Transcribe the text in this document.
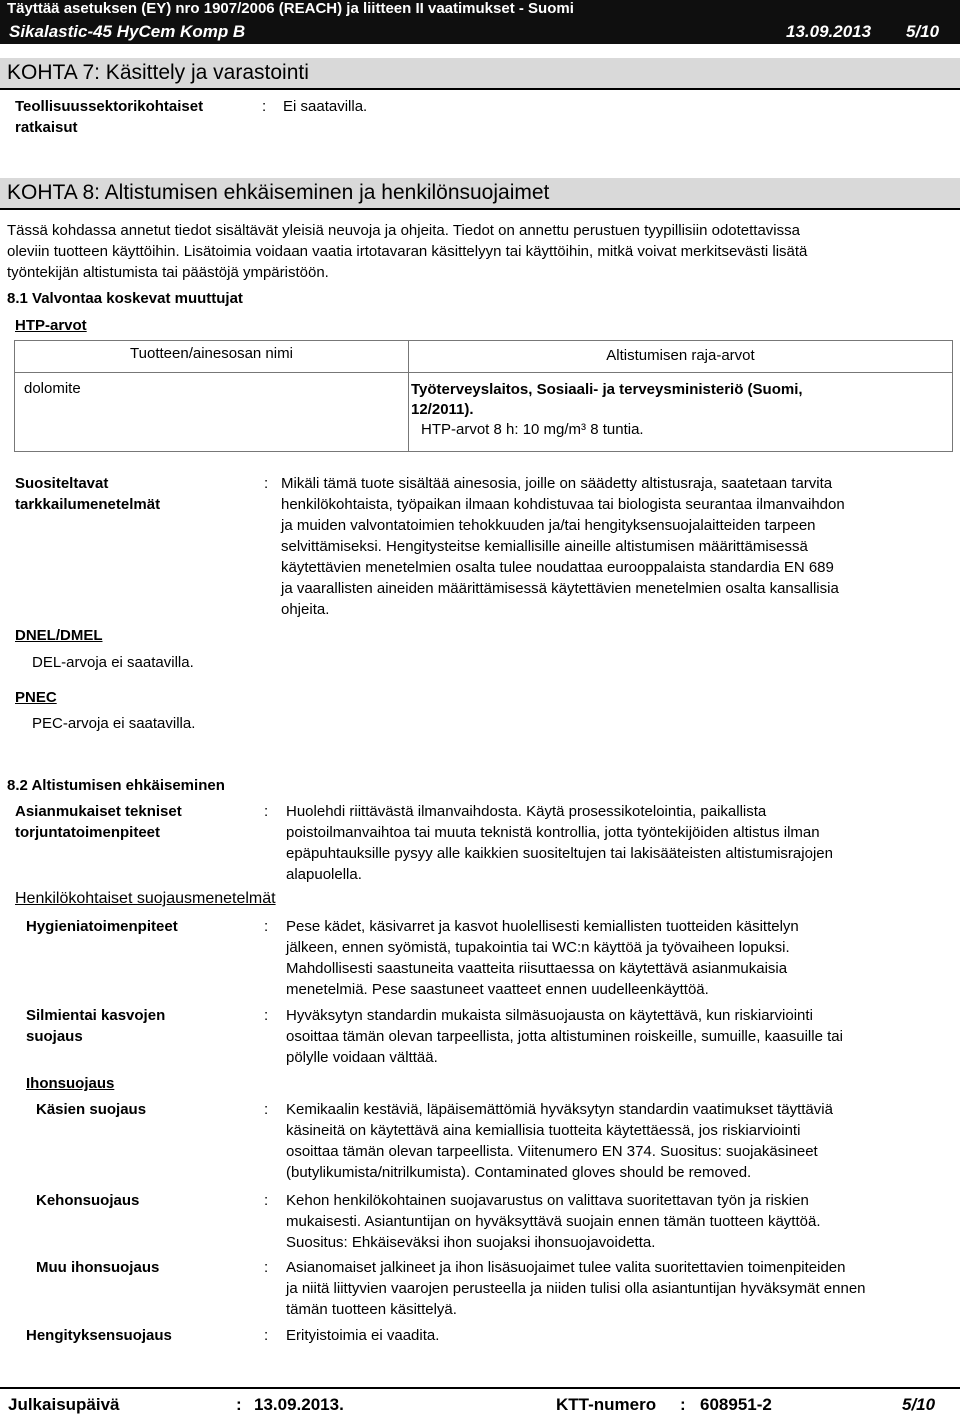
Täyttää asetuksen (EY) nro 1907/2006 (REACH) ja liitteen II vaatimukset - Suomi
Sikalastic-45 HyCem Komp B	13.09.2013 5/10
KOHTA 7: Käsittely ja varastointi
Teollisuussektorikohtaiset
ratkaisut
: Ei saatavilla.
KOHTA 8: Altistumisen ehkäiseminen ja henkilönsuojaimet
Tässä kohdassa annetut tiedot sisältävät yleisiä neuvoja ja ohjeita. Tiedot on annettu perustuen tyypillisiin odotettavissa
oleviin tuotteen käyttöihin. Lisätoimia voidaan vaatia irtotavaran käsittelyyn tai käyttöihin, mitkä voivat merkitsevästi lisätä
työntekijän altistumista tai päästöjä ympäristöön.
8.1 Valvontaa koskevat muuttujat
HTP-arvot
Tuotteen/ainesosan nimi	Altistumisen raja-arvot

dolomite	Työterveyslaitos, Sosiaali- ja terveysministeriö (Suomi,
12/2011).
HTP-arvot 8 h: 10 mg/m³ 8 tuntia.
Suositeltavat
tarkkailumenetelmät
: Mikäli tämä tuote sisältää ainesosia, joille on säädetty altistusraja, saatetaan tarvita
henkilökohtaista, työpaikan ilmaan kohdistuvaa tai biologista seurantaa ilmanvaihdon
ja muiden valvontatoimien tehokkuuden ja/tai hengityksensuojalaitteiden tarpeen
selvittämiseksi. Hengitysteitse kemiallisille aineille altistumisen määrittämisessä
käytettävien menetelmien osalta tulee noudattaa eurooppalaista standardia EN 689
ja vaarallisten aineiden määrittämisessä käytettävien menetelmien osalta kansallisia
ohjeita.
DNEL/DMEL
DEL-arvoja ei saatavilla.
PNEC
PEC-arvoja ei saatavilla.
8.2 Altistumisen ehkäiseminen
Asianmukaiset tekniset
torjuntatoimenpiteet
: Huolehdi riittävästä ilmanvaihdosta. Käytä prosessikotelointia, paikallista
poistoilmanvaihtoa tai muuta teknistä kontrollia, jotta työntekijöiden altistus ilman
epäpuhtauksille pysyy alle kaikkien suositeltujen tai lakisääteisten altistumisrajojen
alapuolella.
Henkilökohtaiset suojausmenetelmät
Hygieniatoimenpiteet	: Pese kädet, käsivarret ja kasvot huolellisesti kemiallisten tuotteiden käsittelyn
jälkeen, ennen syömistä, tupakointia tai WC:n käyttöä ja työvaiheen lopuksi.
Mahdollisesti saastuneita vaatteita riisuttaessa on käytettävä asianmukaisia
menetelmiä. Pese saastuneet vaatteet ennen uudelleenkäyttöä.
Silmientai kasvojen
suojaus
: Hyväksytyn standardin mukaista silmäsuojausta on käytettävä, kun riskiarviointi
osoittaa tämän olevan tarpeellista, jotta altistuminen roiskeille, sumuille, kaasuille tai
pölylle voidaan välttää.
Ihonsuojaus
Käsien suojaus	: Kemikaalin kestäviä, läpäisemättömiä hyväksytyn standardin vaatimukset täyttäviä
käsineitä on käytettävä aina kemiallisia tuotteita käytettäessä, jos riskiarviointi
osoittaa tämän olevan tarpeellista. Viitenumero EN 374. Suositus: suojakäsineet
(butylikumista/nitrilkumista). Contaminated gloves should be removed.
Kehonsuojaus	: Kehon henkilökohtainen suojavarustus on valittava suoritettavan työn ja riskien
mukaisesti. Asiantuntijan on hyväksyttävä suojain ennen tämän tuotteen käyttöä.
Suositus: Ehkäiseväksi ihon suojaksi ihonsuojavoidetta.
Muu ihonsuojaus	: Asianomaiset jalkineet ja ihon lisäsuojaimet tulee valita suoritettavien toimenpiteiden
ja niitä liittyvien vaarojen perusteella ja niiden tulisi olla asiantuntijan hyväksymät ennen
tämän tuotteen käsittelyä.
Hengityksensuojaus	: Erityistoimia ei vaadita.
Julkaisupäivä	: 13.09.2013.	KTT-numero : 608951-2	5/10
